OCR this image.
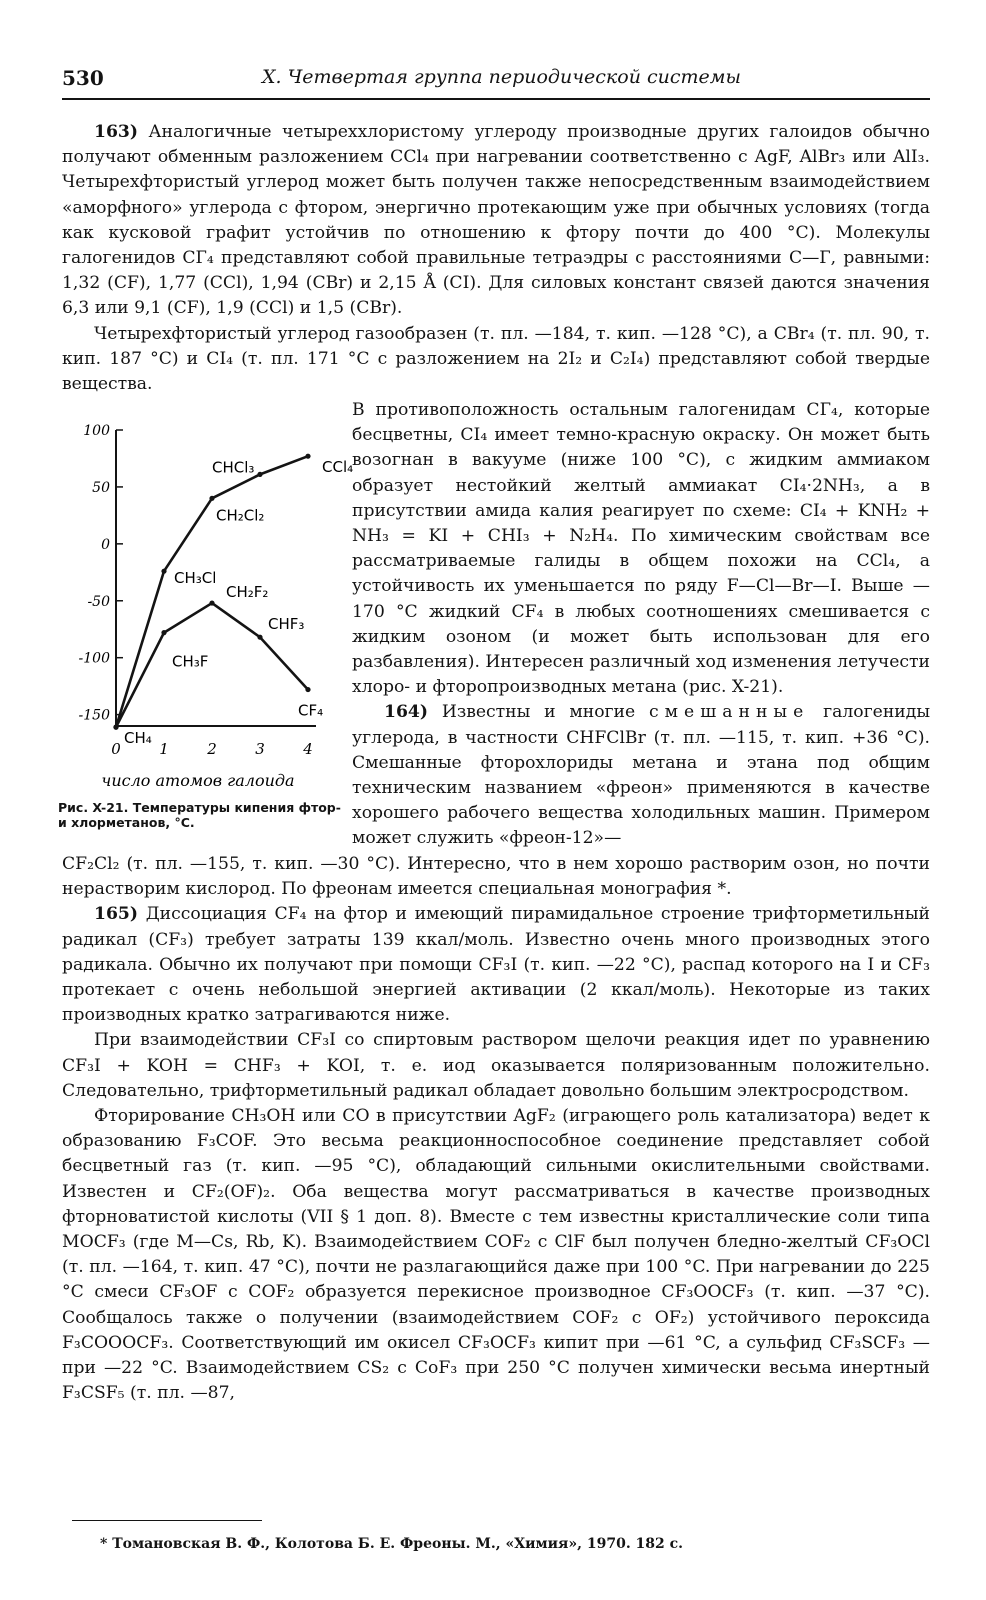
530	X. Четвертая группа периодической системы

163) Аналогичные четыреххлористому углероду производные других галоидов обычно получают обменным разложением CCl₄ при нагревании соответственно с AgF, AlBr₃ или AlI₃. Четырехфтористый углерод может быть получен также непосредственным взаимодействием «аморфного» углерода с фтором, энергично протекающим уже при обычных условиях (тогда как кусковой графит устойчив по отношению к фтору почти до 400 °C). Молекулы галогенидов CГ₄ представляют собой правильные тетраэдры с расстояниями C—Г, равными: 1,32 (CF), 1,77 (CCl), 1,94 (CBr) и 2,15 Å (CI). Для силовых констант связей даются значения 6,3 или 9,1 (CF), 1,9 (CCl) и 1,5 (CBr).

Четырехфтористый углерод газообразен (т. пл. —184, т. кип. —128 °C), а CBr₄ (т. пл. 90, т. кип. 187 °C) и CI₄ (т. пл. 171 °C с разложением на 2I₂ и C₂I₄) представляют собой твердые вещества.

В противоположность остальным галогенидам CГ₄, которые бесцветны, CI₄ имеет темно-красную окраску. Он может быть возогнан в вакууме (ниже 100 °C), с жидким аммиаком образует нестойкий желтый аммиакат CI₄·2NH₃, а в присутствии амида калия реагирует по схеме: CI₄ + KNH₂ + NH₃ = KI + CHI₃ + N₂H₄. По химическим свойствам все рассматриваемые галиды в общем похожи на CCl₄, а устойчивость их уменьшается по ряду F—Cl—Br—I. Выше —170 °C жидкий CF₄ в любых соотношениях смешивается с жидким озоном (и может быть использован для его разбавления). Интересен различный ход изменения летучести хлоро- и фторопроизводных метана (рис. X-21).

164) Известны и многие смешанные галогениды углерода, в частности CHFClBr (т. пл. —115, т. кип. +36 °C). Смешанные фторохлориды метана и этана под общим техническим названием «фреон» применяются в качестве хорошего рабочего вещества холодильных машин. Примером может служить «фреон-12»—

100
50
0
-50
-100
-150
0	1	2	3	4
CH₄
CH₃Cl
CH₂Cl₂
CHCl₃	CCl₄
CH₃F
CH₂F₂
CHF₃
CF₄
число атомов галоида
Рис. X-21. Температуры кипения фтор- и хлорметанов, °C.

CF₂Cl₂ (т. пл. —155, т. кип. —30 °C). Интересно, что в нем хорошо растворим озон, но почти нерастворим кислород. По фреонам имеется специальная монография *.

165) Диссоциация CF₄ на фтор и имеющий пирамидальное строение трифторметильный радикал (CF₃) требует затраты 139 ккал/моль. Известно очень много производных этого радикала. Обычно их получают при помощи CF₃I (т. кип. —22 °C), распад которого на I и CF₃ протекает с очень небольшой энергией активации (2 ккал/моль). Некоторые из таких производных кратко затрагиваются ниже.

При взаимодействии CF₃I со спиртовым раствором щелочи реакция идет по уравнению CF₃I + KOH = CHF₃ + KOI, т. е. иод оказывается поляризованным положительно. Следовательно, трифторметильный радикал обладает довольно большим электросродством.

Фторирование CH₃OH или CO в присутствии AgF₂ (играющего роль катализатора) ведет к образованию F₃COF. Это весьма реакционноспособное соединение представляет собой бесцветный газ (т. кип. —95 °C), обладающий сильными окислительными свойствами. Известен и CF₂(OF)₂. Оба вещества могут рассматриваться в качестве производных фторноватистой кислоты (VII § 1 доп. 8). Вместе с тем известны кристаллические соли типа MOCF₃ (где M—Cs, Rb, K). Взаимодействием COF₂ с ClF был получен бледно-желтый CF₃OCl (т. пл. —164, т. кип. 47 °C), почти не разлагающийся даже при 100 °C. При нагревании до 225 °C смеси CF₃OF с COF₂ образуется перекисное производное CF₃OOCF₃ (т. кип. —37 °C). Сообщалось также о получении (взаимодействием COF₂ с OF₂) устойчивого пероксида F₃COOOCF₃. Соответствующий им окисел CF₃OCF₃ кипит при —61 °C, а сульфид CF₃SCF₃ — при —22 °C. Взаимодействием CS₂ с CoF₃ при 250 °C получен химически весьма инертный F₃CSF₅ (т. пл. —87,

* Томановская В. Ф., Колотова Б. Е. Фреоны. М., «Химия», 1970. 182 с.
